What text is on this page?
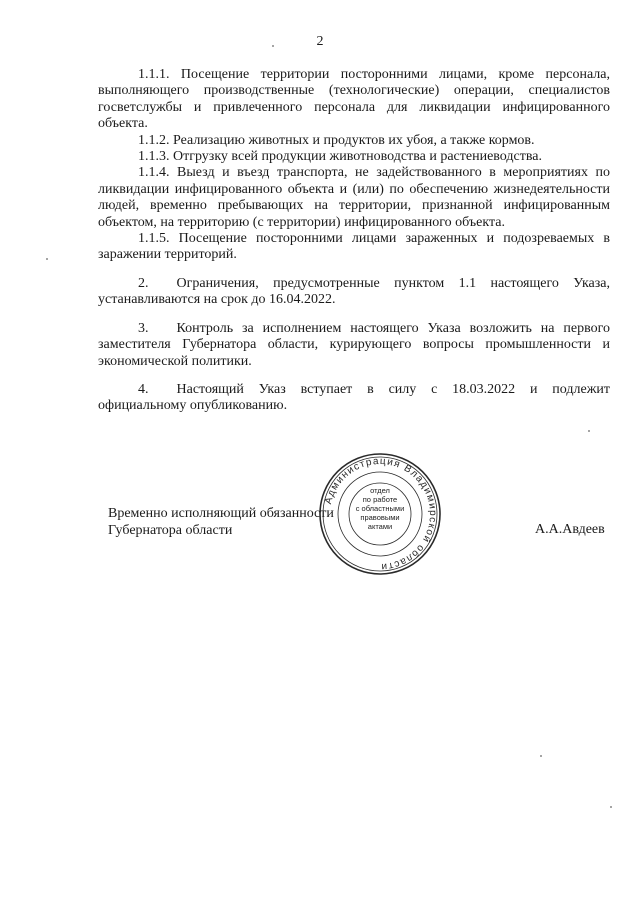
2

1.1.1. Посещение территории посторонними лицами, кроме персонала, выполняющего производственные (технологические) операции, специалистов госветслужбы и привлеченного персонала для ликвидации инфицированного объекта.

1.1.2. Реализацию животных и продуктов их убоя, а также кормов.

1.1.3. Отгрузку всей продукции животноводства и растениеводства.

1.1.4. Выезд и въезд транспорта, не задействованного в мероприятиях по ликвидации инфицированного объекта и (или) по обеспечению жизнедеятельности людей, временно пребывающих на территории, признанной инфицированным объектом, на территорию (с территории) инфицированного объекта.

1.1.5. Посещение посторонними лицами зараженных и подозреваемых в заражении территорий.

2.  Ограничения, предусмотренные пунктом 1.1 настоящего Указа, устанавливаются на срок до 16.04.2022.

3.  Контроль за исполнением настоящего Указа возложить на первого заместителя Губернатора области, курирующего вопросы промышленности и экономической политики.

4.  Настоящий Указ вступает в силу с 18.03.2022 и подлежит официальному опубликованию.

Временно исполняющий обязанности
Губернатора области	А.А.Авдеев
Администрация Владимирской области
отдел
по работе
с областными
правовыми
актами
